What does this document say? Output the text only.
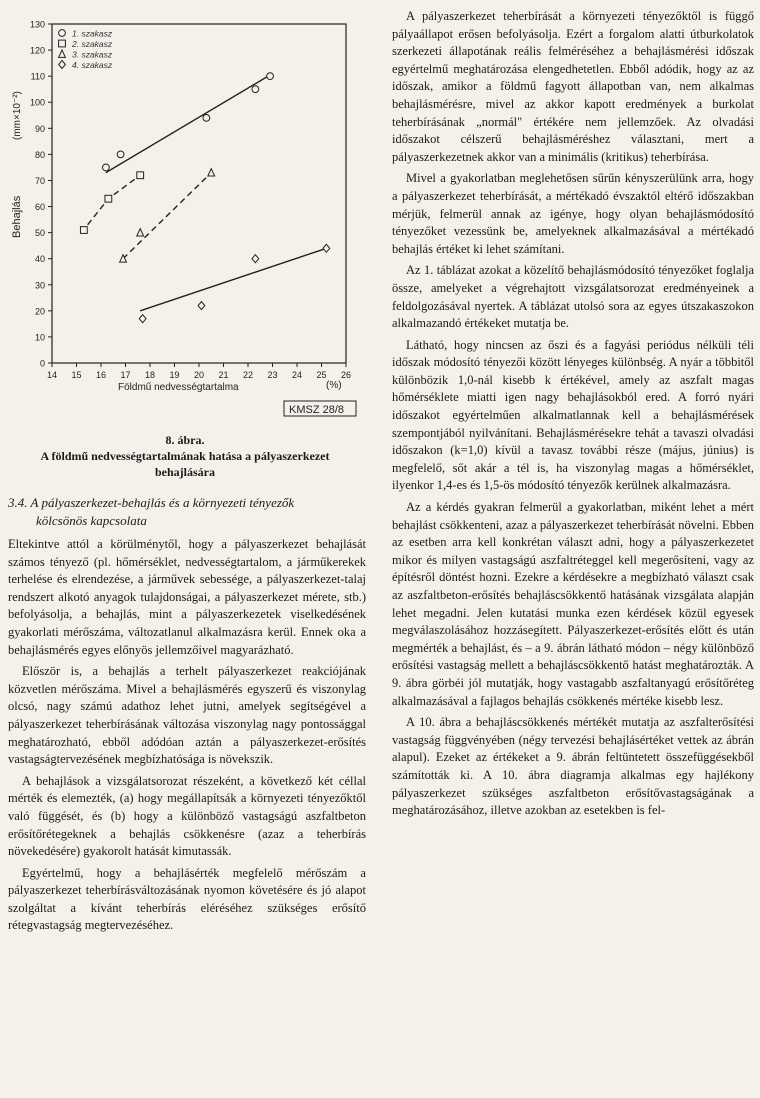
0
10
20
30
40
50
60
70
80
90
100
110
120
130
14 15 16 17 18 19 20 21 22 23 24 25 26
1. szakasz
2. szakasz
3. szakasz
4. szakasz
Behajlás
(mm×10⁻²)
Földmű nedvességtartalma	(%)
KMSZ 28/8
8. ábra.
A földmű nedvességtartalmának hatása a pályaszerkezet
behajlására
3.4. A pályaszerkezet-behajlás és a környezeti tényezők
kölcsönös kapcsolata

Eltekintve attól a körülménytől, hogy a pályaszerkezet behajlását számos tényező (pl. hőmérséklet, nedvességtartalom, a járműkerekek terhelése és elrendezése, a járművek sebessége, a pályaszerkezet-talaj rendszert alkotó anyagok tulajdonságai, a pályaszerkezet mérete, stb.) befolyásolja, a behajlás, mint a pályaszerkezetek viselkedésének gyakorlati mérőszáma, változatlanul alkalmazásra kerül. Ennek oka a behajlásmérés egyes előnyös jellemzőivel magyarázható.

Először is, a behajlás a terhelt pályaszerkezet reakciójának közvetlen mérőszáma. Mivel a behajlásmérés egyszerű és viszonylag olcsó, nagy számú adathoz lehet jutni, amelyek segítségével a pályaszerkezet teherbírásának változása viszonylag nagy pontossággal meghatározható, ebből adódóan aztán a pályaszerkezet-erősítés vastagságtervezésének megbízhatósága is növekszik.

A behajlások a vizsgálatsorozat részeként, a következő két céllal mérték és elemezték, (a) hogy megállapítsák a környezeti tényezőktől való függését, és (b) hogy a különböző vastagságú aszfaltbeton erősítőrétegeknek a behajlás csökkenésre (azaz a teherbírás növekedésére) gyakorolt hatását kimutassák.

Egyértelmű, hogy a behajlásérték megfelelő mérőszám a pályaszerkezet teherbírásváltozásának nyomon követésére és jó alapot szolgáltat a kívánt teherbírás eléréséhez szükséges erősítő rétegvastagság megtervezéséhez.

A pályaszerkezet teherbírását a környezeti tényezőktől is függő pályaállapot erősen befolyásolja. Ezért a forgalom alatti útburkolatok szerkezeti állapotának reális felméréséhez a behajlásmérési időszak egyértelmű meghatározása elengedhetetlen. Ebből adódik, hogy az az időszak, amikor a földmű fagyott állapotban van, nem alkalmas behajlásmérésre, mivel az akkor kapott eredmények a burkolat teherbírásának „normál" értékére nem jellemzőek. Az olvadási időszakot célszerű behajlásméréshez választani, mert a pályaszerkezetnek akkor van a minimális (kritikus) teherbírása.

Mivel a gyakorlatban meglehetősen sűrűn kényszerülünk arra, hogy a pályaszerkezet teherbírását, a mértékadó évszaktól eltérő időszakban mérjük, felmerül annak az igénye, hogy olyan behajlásmódosító tényezőket vezessünk be, amelyeknek alkalmazásával a mértékadó behajlás értéket ki lehet számítani.

Az 1. táblázat azokat a közelítő behajlásmódosító tényezőket foglalja össze, amelyeket a végrehajtott vizsgálatsorozat eredményeinek a feldolgozásával nyertek. A táblázat utolsó sora az egyes útszakaszokon alkalmazandó értékeket mutatja be.

Látható, hogy nincsen az őszi és a fagyási periódus nélküli téli időszak módosító tényezői között lényeges különbség. A nyár a többitől különbözik 1,0-nál kisebb k értékével, amely az aszfalt magas hőmérséklete miatti igen nagy behajlásokból ered. A forró nyári időszakot egyértelműen alkalmatlannak kell a behajlásmérések szempontjából nyilvánítani. Behajlásmérésekre tehát a tavaszi olvadási időszakon (k=1,0) kívül a tavasz további része (május, június) is megfelelő, sőt akár a tél is, ha viszonylag magas a hőmérséklet, ilyenkor 1,4-es és 1,5-ös módosító tényezők kerülnek alkalmazásra.

Az a kérdés gyakran felmerül a gyakorlatban, miként lehet a mért behajlást csökkenteni, azaz a pályaszerkezet teherbírását növelni. Ebben az esetben arra kell konkrétan választ adni, hogy a pályaszerkezetet mikor és milyen vastagságú aszfaltréteggel kell megerősíteni, vagy az építésről döntést hozni. Ezekre a kérdésekre a megbízható választ csak az aszfaltbeton-erősítés behajláscsökkentő hatásának vizsgálata alapján lehet megadni. Jelen kutatási munka ezen kérdések közül egyesek megválaszolásához hozzásegített. Pályaszerkezet-erősítés előtt és után megmérték a behajlást, és – a 9. ábrán látható módon – négy különböző erősítési vastagság mellett a behajláscsökkentő hatást meghatározták. A 9. ábra görbéi jól mutatják, hogy vastagabb aszfaltanyagú erősítőréteg alkalmazásával a fajlagos behajlás csökkenés mértéke kisebb lesz.

A 10. ábra a behajláscsökkenés mértékét mutatja az aszfalterősítési vastagság függvényében (négy tervezési behajlásértéket vettek az ábrán alapul). Ezeket az értékeket a 9. ábrán feltüntetett összefüggésekből számították ki. A 10. ábra diagramja alkalmas egy hajlékony pályaszerkezet szükséges aszfaltbeton erősítővastagságának a meghatározásához, illetve azokban az esetekben is fel-
